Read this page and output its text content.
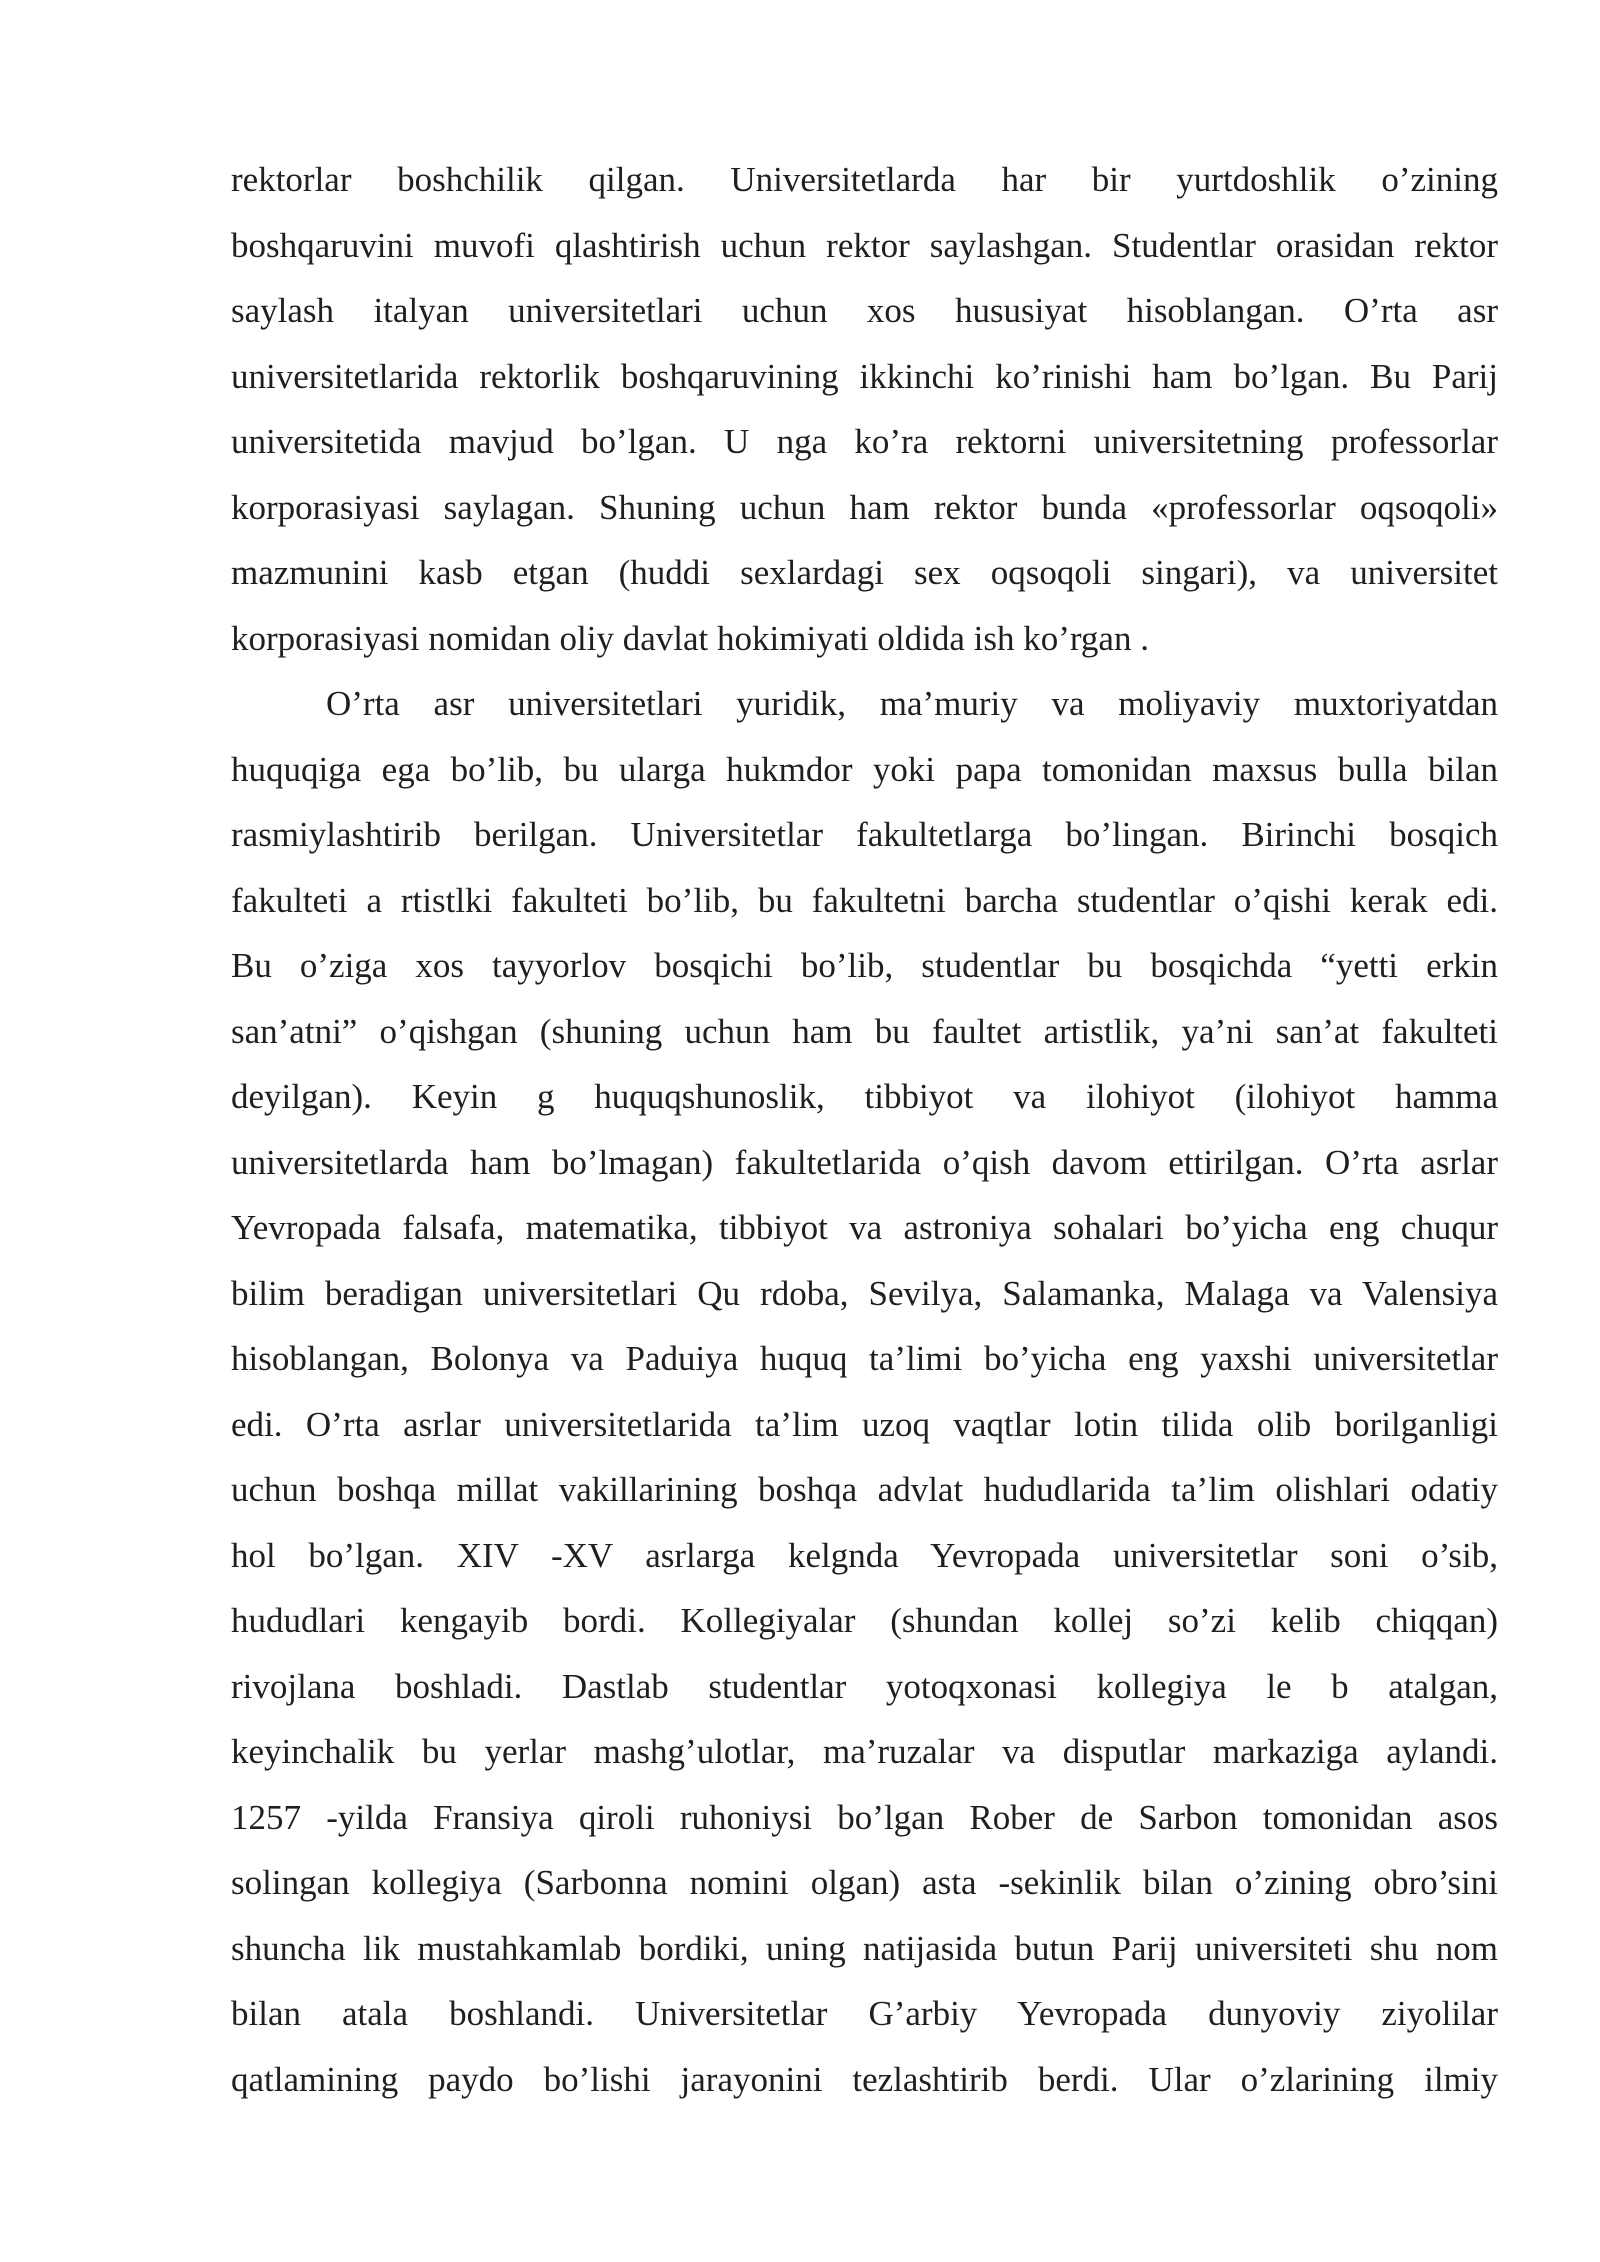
rektorlar boshchilik qilgan. Universitetlarda har bir yurtdoshlik o’zining
boshqaruvini muvofi qlashtirish uchun rektor saylashgan. Studentlar orasidan rektor
saylash italyan universitetlari uchun xos hususiyat hisoblangan. O’rta asr
universitetlarida rektorlik boshqaruvining ikkinchi ko’rinishi ham bo’lgan. Bu Parij
universitetida mavjud bo’lgan. U nga ko’ra rektorni universitetning professorlar
korporasiyasi saylagan. Shuning uchun ham rektor bunda «professorlar oqsoqoli»
mazmunini kasb etgan (huddi sexlardagi sex oqsoqoli singari), va universitet
korporasiyasi nomidan oliy davlat hokimiyati oldida ish ko’rgan .
O’rta asr universitetlari yuridik, ma’muriy va moliyaviy muxtoriyatdan
huquqiga ega bo’lib, bu ularga hukmdor yoki papa tomonidan maxsus bulla bilan
rasmiylashtirib berilgan. Universitetlar fakultetlarga bo’lingan. Birinchi bosqich
fakulteti a rtistlki fakulteti bo’lib, bu fakultetni barcha studentlar o’qishi kerak edi.
Bu o’ziga xos tayyorlov bosqichi bo’lib, studentlar bu bosqichda “yetti erkin
san’atni” o’qishgan (shuning uchun ham bu faultet artistlik, ya’ni san’at fakulteti
deyilgan). Keyin g huquqshunoslik, tibbiyot va ilohiyot (ilohiyot hamma
universitetlarda ham bo’lmagan) fakultetlarida o’qish davom ettirilgan. O’rta asrlar
Yevropada falsafa, matematika, tibbiyot va astroniya sohalari bo’yicha eng chuqur
bilim beradigan universitetlari Qu rdoba, Sevilya, Salamanka, Malaga va Valensiya
hisoblangan, Bolonya va Paduiya huquq ta’limi bo’yicha eng yaxshi universitetlar
edi. O’rta asrlar universitetlarida ta’lim uzoq vaqtlar lotin tilida olib borilganligi
uchun boshqa millat vakillarining boshqa advlat hududlarida ta’lim olishlari odatiy
hol bo’lgan. XIV -XV asrlarga kelgnda Yevropada universitetlar soni o’sib,
hududlari kengayib bordi. Kollegiyalar (shundan kollej so’zi kelib chiqqan)
rivojlana boshladi. Dastlab studentlar yotoqxonasi kollegiya le b atalgan,
keyinchalik bu yerlar mashg’ulotlar, ma’ruzalar va disputlar markaziga aylandi.
1257 -yilda Fransiya qiroli ruhoniysi bo’lgan Rober de Sarbon tomonidan asos
solingan kollegiya (Sarbonna nomini olgan) asta -sekinlik bilan o’zining obro’sini
shuncha lik mustahkamlab bordiki, uning natijasida butun Parij universiteti shu nom
bilan atala boshlandi. Universitetlar G’arbiy Yevropada dunyoviy ziyolilar
qatlamining paydo bo’lishi jarayonini tezlashtirib berdi. Ular o’zlarining ilmiy
